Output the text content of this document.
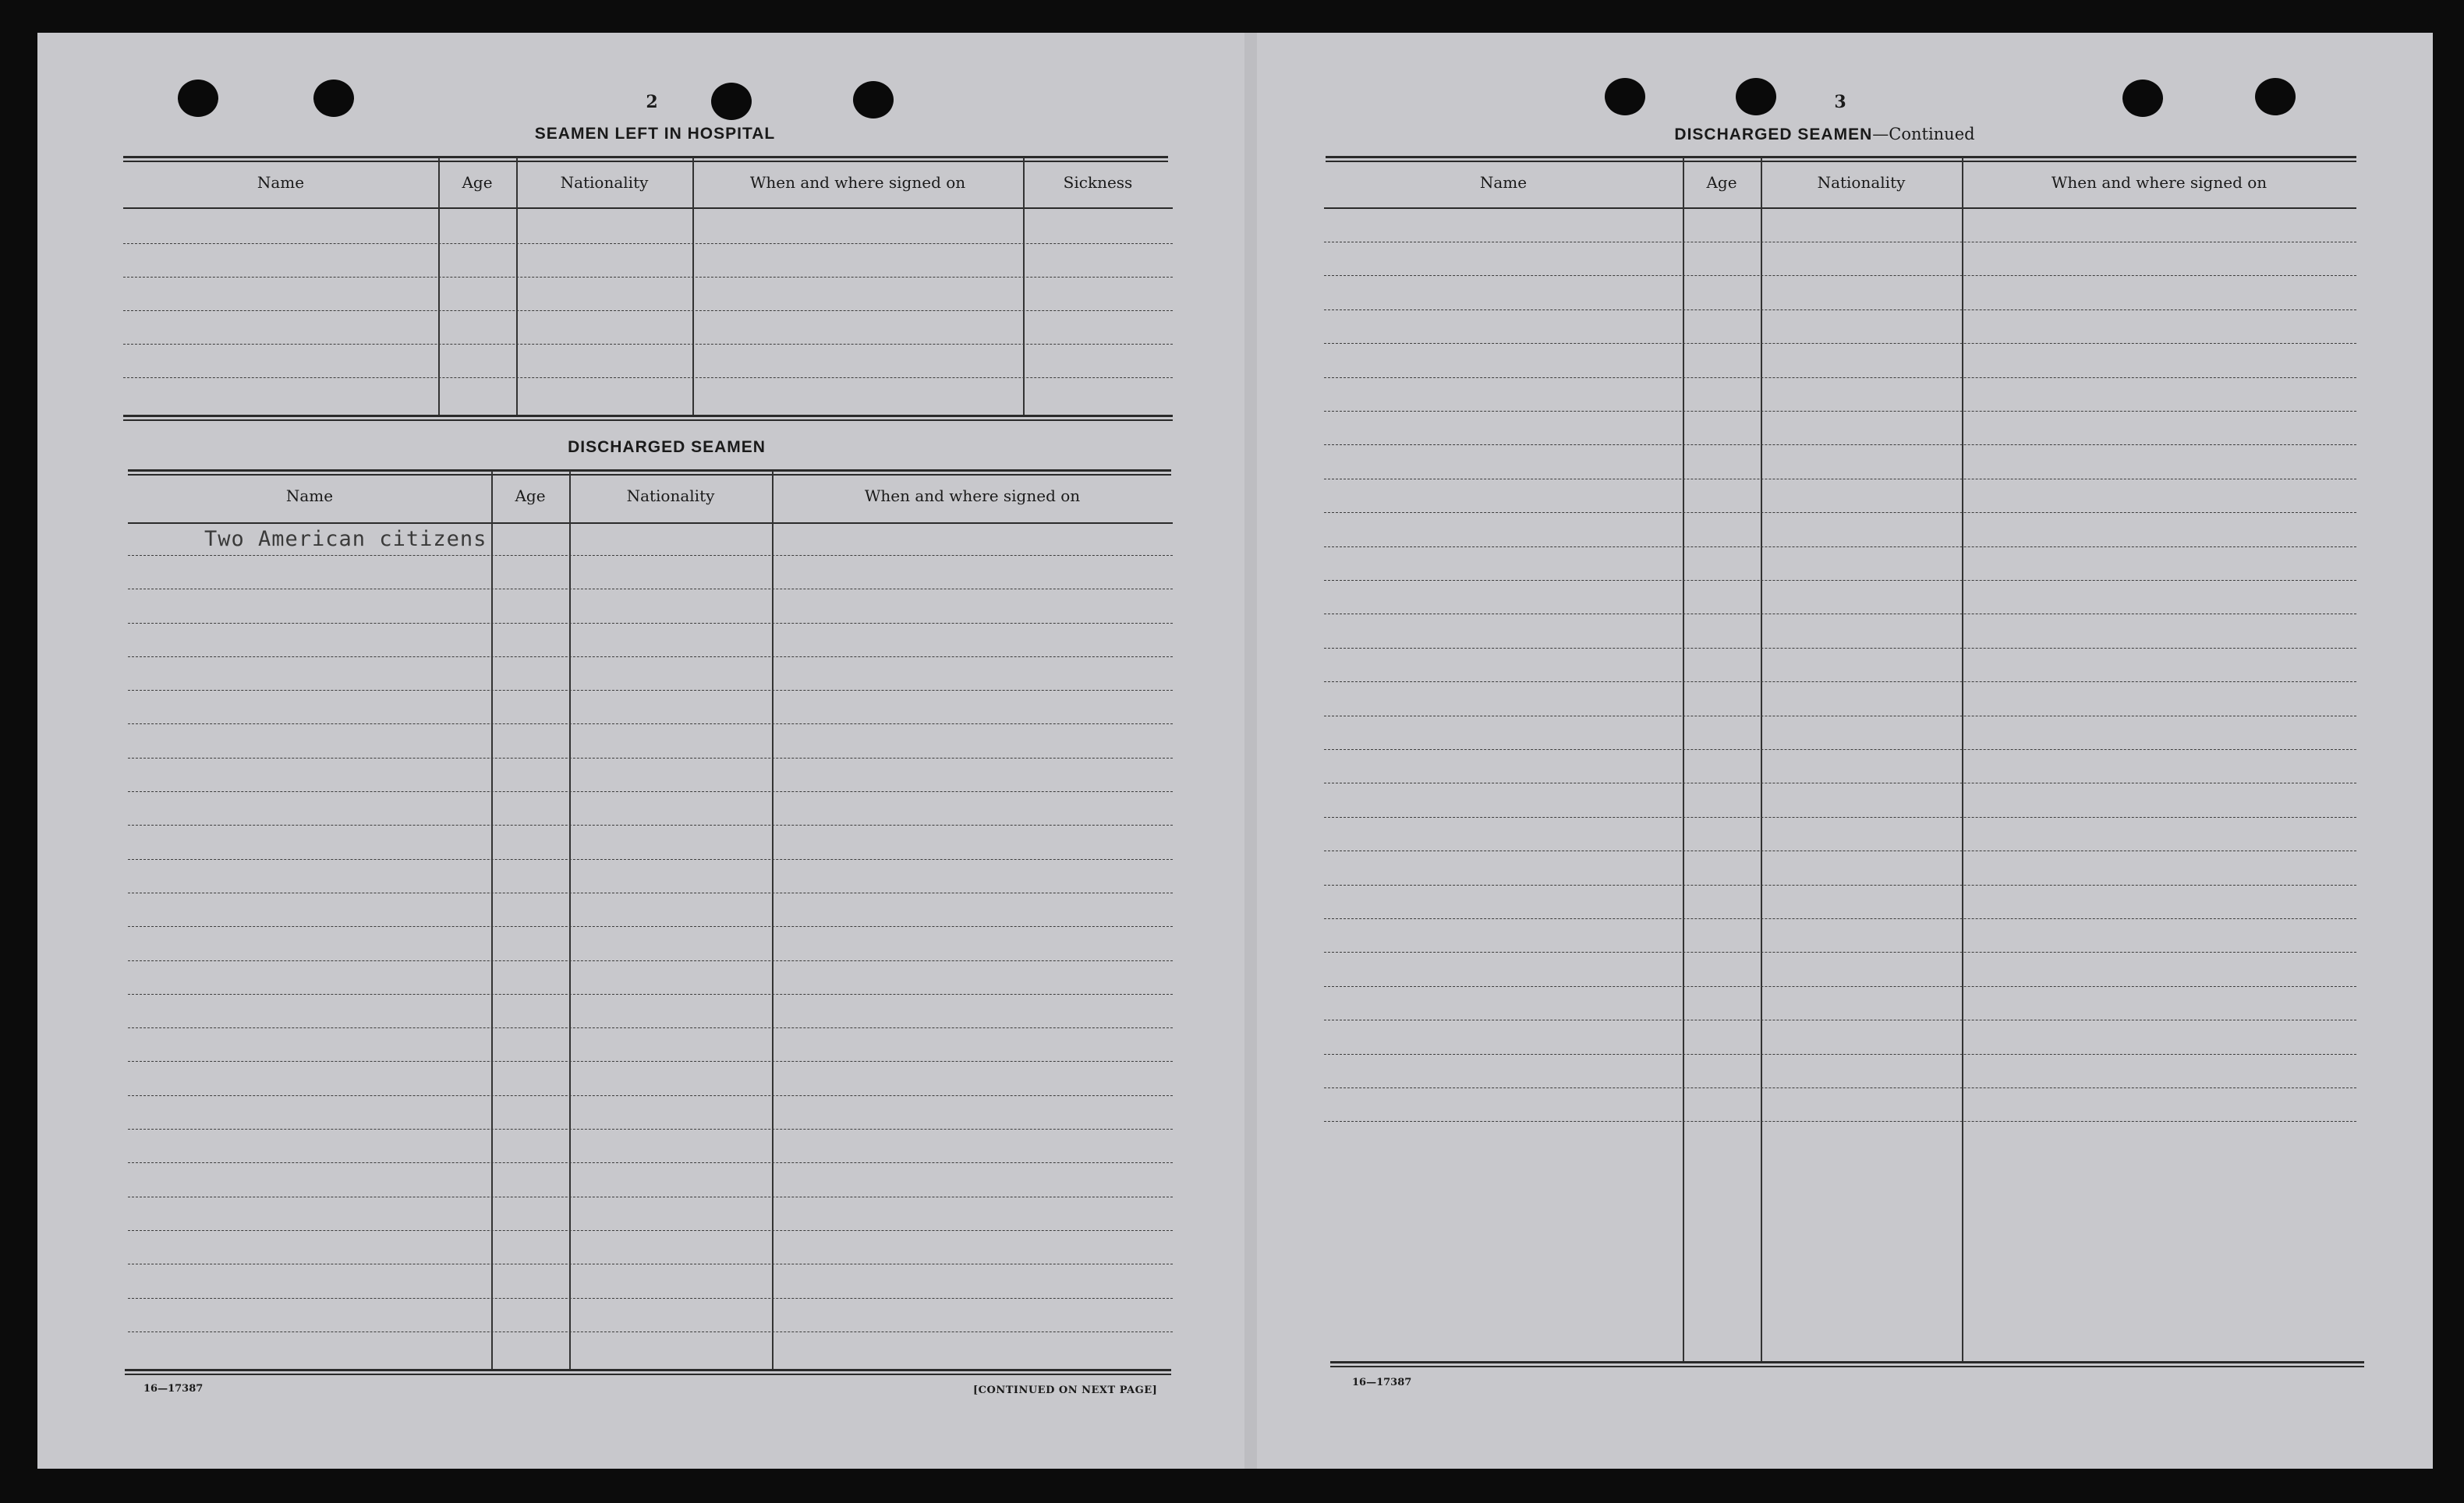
2
SEAMEN LEFT IN HOSPITAL
Name	Age	Nationality	When and where signed on	Sickness
DISCHARGED SEAMEN
Name	Age	Nationality	When and where signed on
Two American citizens
16—17387	[CONTINUED ON NEXT PAGE]
3
DISCHARGED SEAMEN—Continued
Name	Age	Nationality	When and where signed on
16—17387
